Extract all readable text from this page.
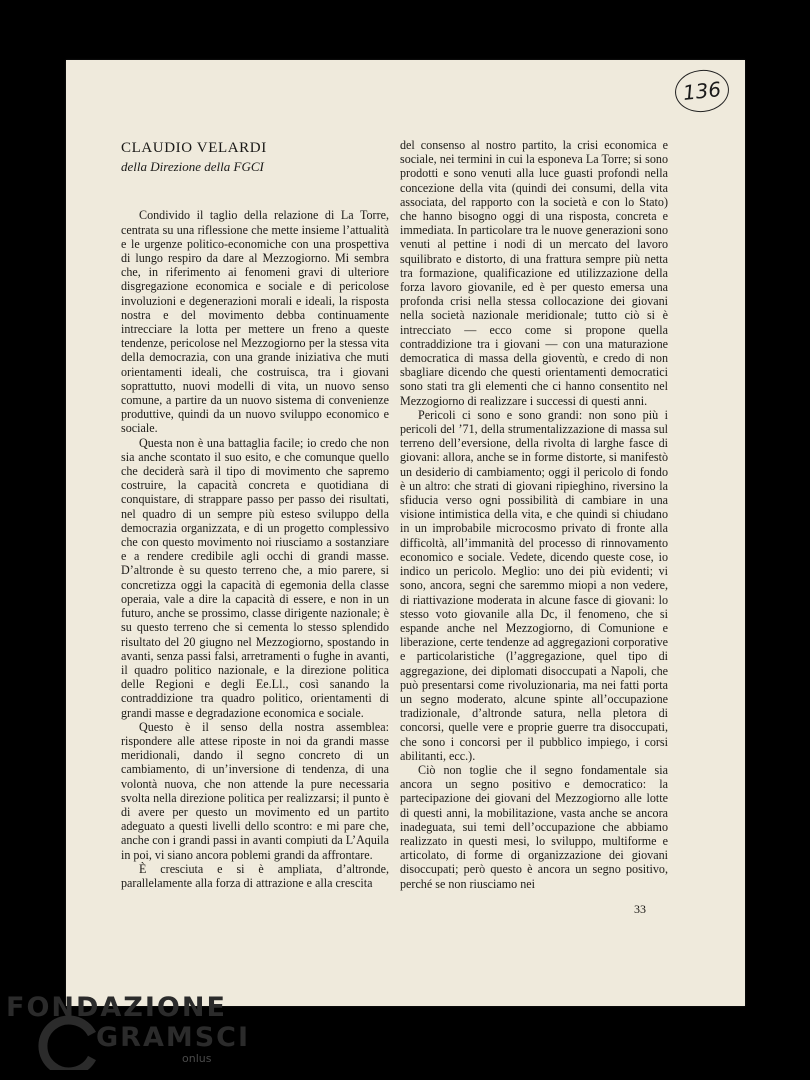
136
CLAUDIO VELARDI
della Direzione della FGCI

Condivido il taglio della relazione di La Torre, centrata su una riflessione che mette insieme l’attualità e le urgenze politico-economiche con una prospettiva di lungo respiro da dare al Mezzogiorno. Mi sembra che, in riferimento ai fenomeni gravi di ulteriore disgregazione economica e sociale e di pericolose involuzioni e degenerazioni morali e ideali, la risposta nostra e del movimento debba continuamente intrecciare la lotta per mettere un freno a queste tendenze, pericolose nel Mezzogiorno per la stessa vita della democrazia, con una grande iniziativa che muti orientamenti ideali, che costruisca, tra i giovani soprattutto, nuovi modelli di vita, un nuovo senso comune, a partire da un nuovo sistema di convenienze produttive, quindi da un nuovo sviluppo economico e sociale.

Questa non è una battaglia facile; io credo che non sia anche scontato il suo esito, e che comunque quello che deciderà sarà il tipo di movimento che sapremo costruire, la capacità concreta e quotidiana di conquistare, di strappare passo per passo dei risultati, nel quadro di un sempre più esteso sviluppo della democrazia organizzata, e di un progetto complessivo che con questo movimento noi riusciamo a sostanziare e a rendere credibile agli occhi di grandi masse. D’altronde è su questo terreno che, a mio parere, si concretizza oggi la capacità di egemonia della classe operaia, vale a dire la capacità di essere, e non in un futuro, anche se prossimo, classe dirigente nazionale; è su questo terreno che si cementa lo stesso splendido risultato del 20 giugno nel Mezzogiorno, spostando in avanti, senza passi falsi, arretramenti o fughe in avanti, il quadro politico nazionale, e la direzione politica delle Regioni e degli Ee.Ll., così sanando la contraddizione tra quadro politico, orientamenti di grandi masse e degradazione economica e sociale.

Questo è il senso della nostra assemblea: rispondere alle attese riposte in noi da grandi masse meridionali, dando il segno concreto di un cambiamento, di un’inversione di tendenza, di una volontà nuova, che non attende la pure necessaria svolta nella direzione politica per realizzarsi; il punto è di avere per questo un movimento ed un partito adeguato a questi livelli dello scontro: e mi pare che, anche con i grandi passi in avanti compiuti da L’Aquila in poi, vi siano ancora poblemi grandi da affrontare.

È cresciuta e si è ampliata, d’altronde, parallelamente alla forza di attrazione e alla crescita

del consenso al nostro partito, la crisi economica e sociale, nei termini in cui la esponeva La Torre; si sono prodotti e sono venuti alla luce guasti profondi nella concezione della vita (quindi dei consumi, della vita associata, del rapporto con la società e con lo Stato) che hanno bisogno oggi di una risposta, concreta e immediata. In particolare tra le nuove generazioni sono venuti al pettine i nodi di un mercato del lavoro squilibrato e distorto, di una frattura sempre più netta tra formazione, qualificazione ed utilizzazione della forza lavoro giovanile, ed è per questo emersa una profonda crisi nella stessa collocazione dei giovani nella società nazionale meridionale; tutto ciò si è intrecciato — ecco come si propone quella contraddizione tra i giovani — con una maturazione democratica di massa della gioventù, e credo di non sbagliare dicendo che questi orientamenti democratici sono stati tra gli elementi che ci hanno consentito nel Mezzogiorno di realizzare i successi di questi anni.

Pericoli ci sono e sono grandi: non sono più i pericoli del ’71, della strumentalizzazione di massa sul terreno dell’eversione, della rivolta di larghe fasce di giovani: allora, anche se in forme distorte, si manifestò un desiderio di cambiamento; oggi il pericolo di fondo è un altro: che strati di giovani ripieghino, riversino la sfiducia verso ogni possibilità di cambiare in una visione intimistica della vita, e che quindi si chiudano in un improbabile microcosmo privato di fronte alla difficoltà, all’immanità del processo di rinnovamento economico e sociale. Vedete, dicendo queste cose, io indico un pericolo. Meglio: uno dei più evidenti; vi sono, ancora, segni che saremmo miopi a non vedere, di riattivazione moderata in alcune fasce di giovani: lo stesso voto giovanile alla Dc, il fenomeno, che si espande anche nel Mezzogiorno, di Comunione e liberazione, certe tendenze ad aggregazioni corporative e particolaristiche (l’aggregazione, quel tipo di aggregazione, dei diplomati disoccupati a Napoli, che può presentarsi come rivoluzionaria, ma nei fatti porta un segno moderato, alcune spinte all’occupazione tradizionale, d’altronde satura, nella pletora di concorsi, quelle vere e proprie guerre tra disoccupati, che sono i concorsi per il pubblico impiego, i corsi abilitanti, ecc.).

Ciò non toglie che il segno fondamentale sia ancora un segno positivo e democratico: la partecipazione dei giovani del Mezzogiorno alle lotte di questi anni, la mobilitazione, vasta anche se ancora inadeguata, sui temi dell’occupazione che abbiamo realizzato in questi mesi, lo sviluppo, multiforme e articolato, di forme di organizzazione dei giovani disoccupati; però questo è ancora un segno positivo, perché se non riusciamo nei

33
FONDAZIONE
GRAMSCI
onlus
